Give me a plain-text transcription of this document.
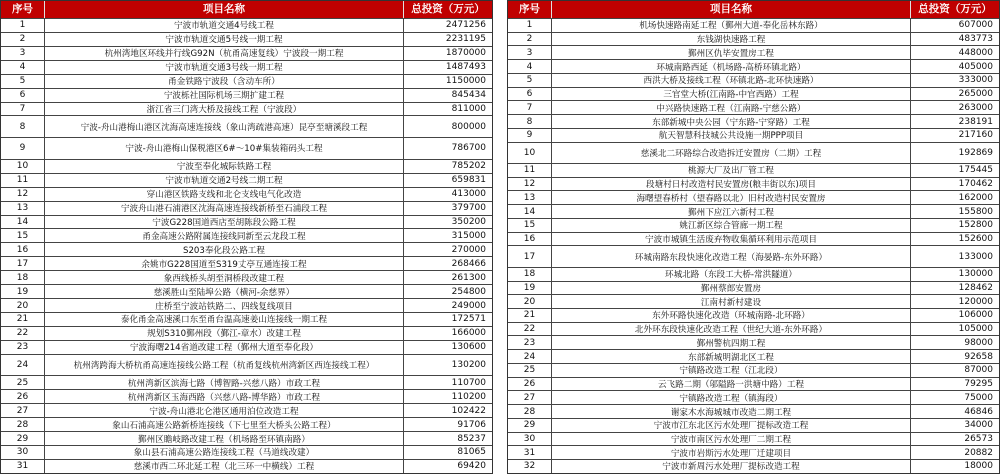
序号	项目名称	总投资（万元）
1	宁波市轨道交通4号线工程	2471256
2	宁波市轨道交通5号线一期工程	2231195
3	杭州湾地区环线并行线G92N（杭甬高速复线）宁波段一期工程	1870000
4	宁波市轨道交通3号线一期工程	1487493
5	甬金铁路宁波段（含动车所）	1150000
6	宁波栎社国际机场三期扩建工程	845434
7	浙江省三门湾大桥及接线工程（宁波段）	811000
8	宁波-舟山港梅山港区沈海高速连接线（象山湾疏港高速）昆亭至塘溪段工程	800000
9	宁波-舟山港梅山保税港区6#～10#集装箱码头工程	786700
10	宁波至奉化城际铁路工程	785202
11	宁波市轨道交通2号线二期工程	659831
12	穿山港区铁路支线和北仑支线电气化改造	413000
13	宁波舟山港石浦港区沈海高速连接线新桥至石浦段工程	379700
14	宁波G228国道西店至胡陈段公路工程	350200
15	甬金高速公路附属连接线同新至云龙段工程	315000
16	S203奉化段公路工程	270000
17	余姚市G228国道至S319丈亭互通连接工程	268466
18	象西线桥头胡至洞桥段改建工程	261300
19	慈溪胜山至陆埠公路（横河-余慈界）	254800
20	庄桥至宁波站铁路二、四线复线项目	249000
21	泰化甬金高速溪口东至甬台温高速姜山连接线一期工程	172571
22	规划S310鄞州段（鄞江-章水）改建工程	166000
23	宁波海曙214省道改建工程（鄞州大道至奉化段）	130600
24	杭州湾跨海大桥杭甬高速连接线公路工程（杭甬复线杭州湾新区西连接线工程）	130200
25	杭州湾新区滨海七路（博智路-兴慈八路）市政工程	110700
26	杭州湾新区玉海西路（兴慈八路-博华路）市政工程	110200
27	宁波-舟山港北仑港区通用泊位改造工程	102422
28	象山石浦高速公路新桥连接线（下七里至大桥头公路工程）	91706
29	鄞州区瞻岐路改建工程（机场路至环镇南路）	85237
30	象山县石浦高速公路连接线工程（马道线改建）	81065
31	慈溪市西二环北延工程（北三环一中横线）工程	69420
序号	项目名称	总投资（万元）
1	机场快速路南延工程（鄞州大道-奉化岳林东路）	607000
2	东钱湖快速路工程	483773
3	鄞州区仇毕安置房工程	448000
4	环城南路西延（机场路-高桥环镇北路）	405000
5	西洪大桥及接线工程（环镇北路-北环快速路）	333000
6	三官堂大桥(江南路-中官西路）工程	265000
7	中兴路快速路工程（江南路-宁慈公路）	263000
8	东部新城中央公园（宁东路-宁穿路）工程	238191
9	航天智慧科技城公共设施一期PPP项目	217160
10	慈溪北二环路综合改造拆迁安置房（二期）工程	192869
11	桃源大厂及出厂管工程	175445
12	段塘村日村改造村民安置房(粮丰街以东)项目	170462
13	海曙望春桥村（望春路以北）旧村改造村民安置房	162000
14	鄞州下应江六新村工程	155800
15	姚江新区综合管廊一期工程	152800
16	宁波市城镇生活废弃物收集循环利用示范项目	152600
17	环城南路东段快速化改造工程（海晏路-东外环路）	133000
18	环城北路（东段工大桥-常洪隧道）	130000
19	鄞州蔡郎安置房	128462
20	江南村新村建设	120000
21	东外环路快速化改造（环城南路-北环路）	106000
22	北外环东段快速化改造工程（世纪大道-东外环路）	105000
23	鄞州警杭四期工程	98000
24	东部新城明湖北区工程	92658
25	宁镇路改造工程（江北段）	87000
26	云飞路二期（邬隘路一洪塘中路）工程	79295
27	宁镇路改造工程（镇海段）	75000
28	谢家木水海城城市改造二期工程	46846
29	宁波市江东北区污水处理厂提标改造工程	34000
30	宁波市南区污水处理厂二期工程	26573
31	宁波市岩斯污水处理厂迁建项目	20882
32	宁波市新周污水处理厂提标改造工程	18000
